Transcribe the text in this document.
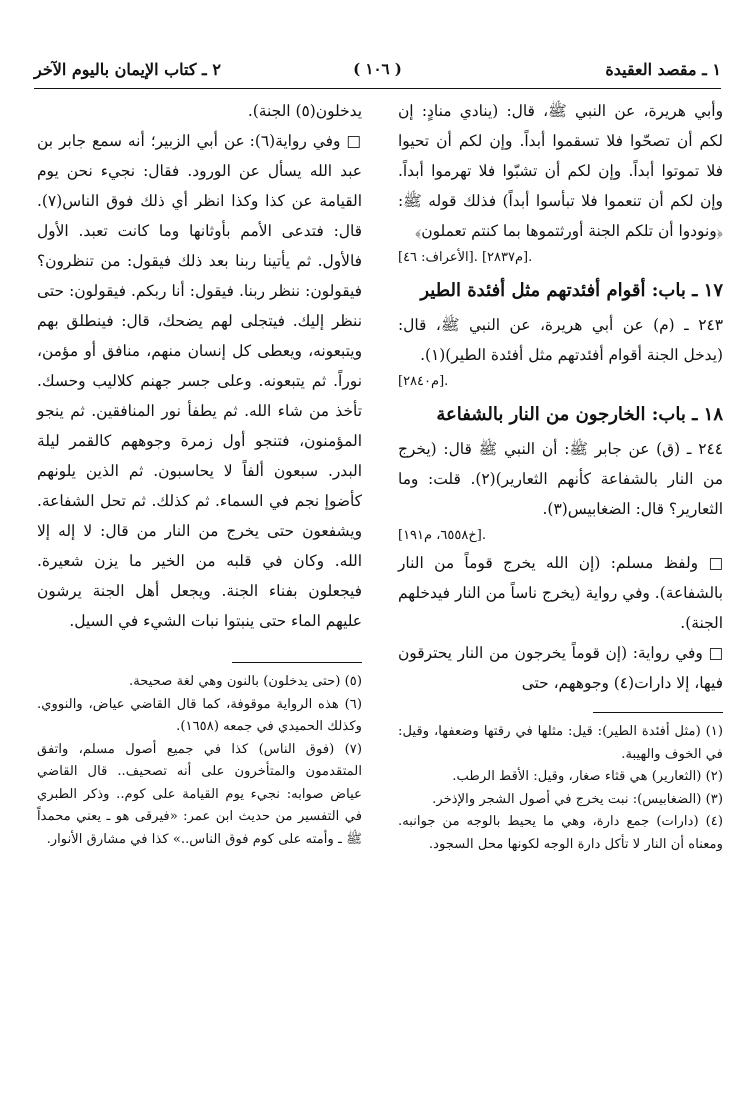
١ ـ مقصد العقيدة
( ١٠٦ )
٢ ـ كتاب الإيمان باليوم الآخر

وأبي هريرة، عن النبي ﷺ، قال: (ينادي منادٍ: إن لكم أن تصحّوا فلا تسقموا أبداً. وإن لكم أن تحيوا فلا تموتوا أبداً. وإن لكم أن تشبّوا فلا تهرموا أبداً. وإن لكم أن تنعموا فلا تبأسوا أبداً) فذلك قوله ﷺ: ﴿ونودوا أن تلكم الجنة أورثتموها بما كنتم تعملون﴾

[الأعراف: ٤٦]. [م٢٨٣٧].

١٧ ـ باب: أقوام أفئدتهم مثل أفئدة الطير

٢٤٣ ـ (م) عن أبي هريرة، عن النبي ﷺ، قال: (يدخل الجنة أقوام أفئدتهم مثل أفئدة الطير)(١).

[م٢٨٤٠].

١٨ ـ باب: الخارجون من النار بالشفاعة

٢٤٤ ـ (ق) عن جابر ﷺ: أن النبي ﷺ قال: (يخرج من النار بالشفاعة كأنهم الثعارير)(٢). قلت: وما الثعارير؟ قال: الضغابيس(٣).

[خ٦٥٥٨، م١٩١].

□ ولفظ مسلم: (إن الله يخرج قوماً من النار بالشفاعة). وفي رواية (يخرج ناساً من النار فيدخلهم الجنة).

□ وفي رواية: (إن قوماً يخرجون من النار يحترقون فيها، إلا دارات(٤) وجوههم، حتى

(١) (مثل أفئدة الطير): قيل: مثلها في رقتها وضعفها، وقيل: في الخوف والهيبة.

(٢) (الثعارير) هي قثاء صغار، وقيل: الأقط الرطب.

(٣) (الضغابيس): نبت يخرج في أصول الشجر والإذخر.

(٤) (دارات) جمع دارة، وهي ما يحيط بالوجه من جوانبه. ومعناه أن النار لا تأكل دارة الوجه لكونها محل السجود.

يدخلون(٥) الجنة).

□ وفي رواية(٦): عن أبي الزبير؛ أنه سمع جابر بن عبد الله يسأل عن الورود. فقال: نجيء نحن يوم القيامة عن كذا وكذا انظر أي ذلك فوق الناس(٧). قال: فتدعى الأمم بأوثانها وما كانت تعبد. الأول فالأول. ثم يأتينا ربنا بعد ذلك فيقول: من تنظرون؟ فيقولون: ننظر ربنا. فيقول: أنا ربكم. فيقولون: حتى ننظر إليك. فيتجلى لهم يضحك، قال: فينطلق بهم ويتبعونه، ويعطى كل إنسان منهم، منافق أو مؤمن، نوراً. ثم يتبعونه. وعلى جسر جهنم كلاليب وحسك. تأخذ من شاء الله. ثم يطفأ نور المنافقين. ثم ينجو المؤمنون، فتنجو أول زمرة وجوههم كالقمر ليلة البدر. سبعون ألفاً لا يحاسبون. ثم الذين يلونهم كأضوإ نجم في السماء. ثم كذلك. ثم تحل الشفاعة. ويشفعون حتى يخرج من النار من قال: لا إله إلا الله. وكان في قلبه من الخير ما يزن شعيرة. فيجعلون بفناء الجنة. ويجعل أهل الجنة يرشون عليهم الماء حتى ينبتوا نبات الشيء في السيل.

(٥) (حتى يدخلون) بالنون وهي لغة صحيحة.

(٦) هذه الرواية موقوفة، كما قال القاضي عياض، والنووي. وكذلك الحميدي في جمعه (١٦٥٨).

(٧) (فوق الناس) كذا في جميع أصول مسلم، واتفق المتقدمون والمتأخرون على أنه تصحيف.. قال القاضي عياض صوابه: نجيء يوم القيامة على كوم.. وذكر الطبري في التفسير من حديث ابن عمر: «فيرقى هو ـ يعني محمداً ﷺ ـ وأمته على كوم فوق الناس..» كذا في مشارق الأنوار.
